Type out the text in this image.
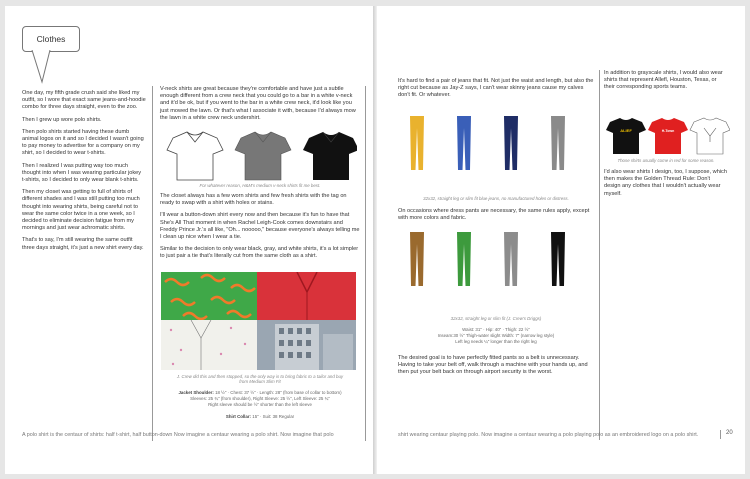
Clothes

One day, my fifth grade crush said she liked my outfit, so I wore that exact same jeans-and-hoodie combo for three days straight, even to the zoo.

Then I grew up wore polo shirts.

Then polo shirts started having these dumb animal logos on it and so I decided I wasn't going to pay money to advertise for a company on my shirt, so I decided to wear t-shirts.

Then I realized I was putting way too much thought into when I was wearing particular jokey t-shirts, so I decided to only wear blank t-shirts.

Then my closet was getting to full of shirts of different shades and I was still putting too much thought into wearing shirts, being careful not to wear the same color twice in a one week, so I decided to eliminate decision fatigue from my mornings and just wear achromatic shirts.

That's to say, I'm still wearing the same outfit three days straight, it's just a new shirt every day.

V-neck shirts are great because they're comfortable and have just a subtle enough different from a crew neck that you could go to a bar in a white v-neck and it'd be ok, but if you went to the bar in a white crew neck, it'd look like you just mowed the lawn. Or that's what I associate it with, because I'd always mow the lawn in a white crew neck undershirt.

For whatever reason, H&M's medium v-neck shirts fit me best.

The closet always has a few worn shirts and few fresh shirts with the tag on ready to swap with a shirt with holes or stains.

I'll wear a button-down shirt every now and then because it's fun to have that She's All That moment in when Rachel Leigh-Cook comes downstairs and Freddy Prince Jr.'s all like, "Oh... nooooo," because everyone's always telling me I clean up nice when I wear a tie.

Similar to the decision to only wear black, gray, and white shirts, it's a lot simpler to just pair a tie that's literally cut from the same cloth as a shirt.

J. Crew did this and then stopped, so the only way is to bring fabric to a tailor and buy
from Medium Slim Fit
Jacket Shoulder: 18 ½" · Chest: 37 ½" · Length: 28" (from base of collar to bottom)
Sleeves: 25 ¾" (from shoulder), Right Sleeve: 25 ½", Left Sleeve: 25 ¾"
Right sleeve should be ½" shorter than the left sleeve
Shirt Collar: 15" · Suit: 38 Regular

It's hard to find a pair of jeans that fit. Not just the waist and length, but also the right cut because as Jay-Z says, I can't wear skinny jeans cause my calves don't fit. Or whatever.

32x32, straight leg or slim fit blue jeans, no manufactured holes or distress.

On occasions where dress pants are necessary, the same rules apply, except with more colors and fabric.

32x32, straight leg or slim fit (J. Crew's Driggs)
Waist: 31" · Hip: 40" · Thigh: 22 ½"
Inseam:30 ½" Thigh-water slight Width: 7" (narrow leg style)
Left leg needs ¼" longer than the right leg

The desired goal is to have perfectly fitted pants so a belt is unnecessary. Having to take your belt off, walk through a machine with your hands up, and then put your belt back on through airport security is the worst.

In addition to grayscale shirts, I would also wear shirts that represent Allefl, Houston, Texas, or their corresponding sports teams.

ALIEF	H-Town
Those shirts usually come in red for some reason.

I'd also wear shirts I design, too, I suppose, which then makes the Golden Thread Rule: Don't design any clothes that I wouldn't actually wear myself.

A polo shirt is the centaur of shirts: half t-shirt, half button-down Now imagine a centaur wearing a polo shirt. Now imagine that polo	shirt wearing centaur playing polo. Now imagine a centaur wearing a polo playing polo as an embroidered logo on a polo shirt.	20
